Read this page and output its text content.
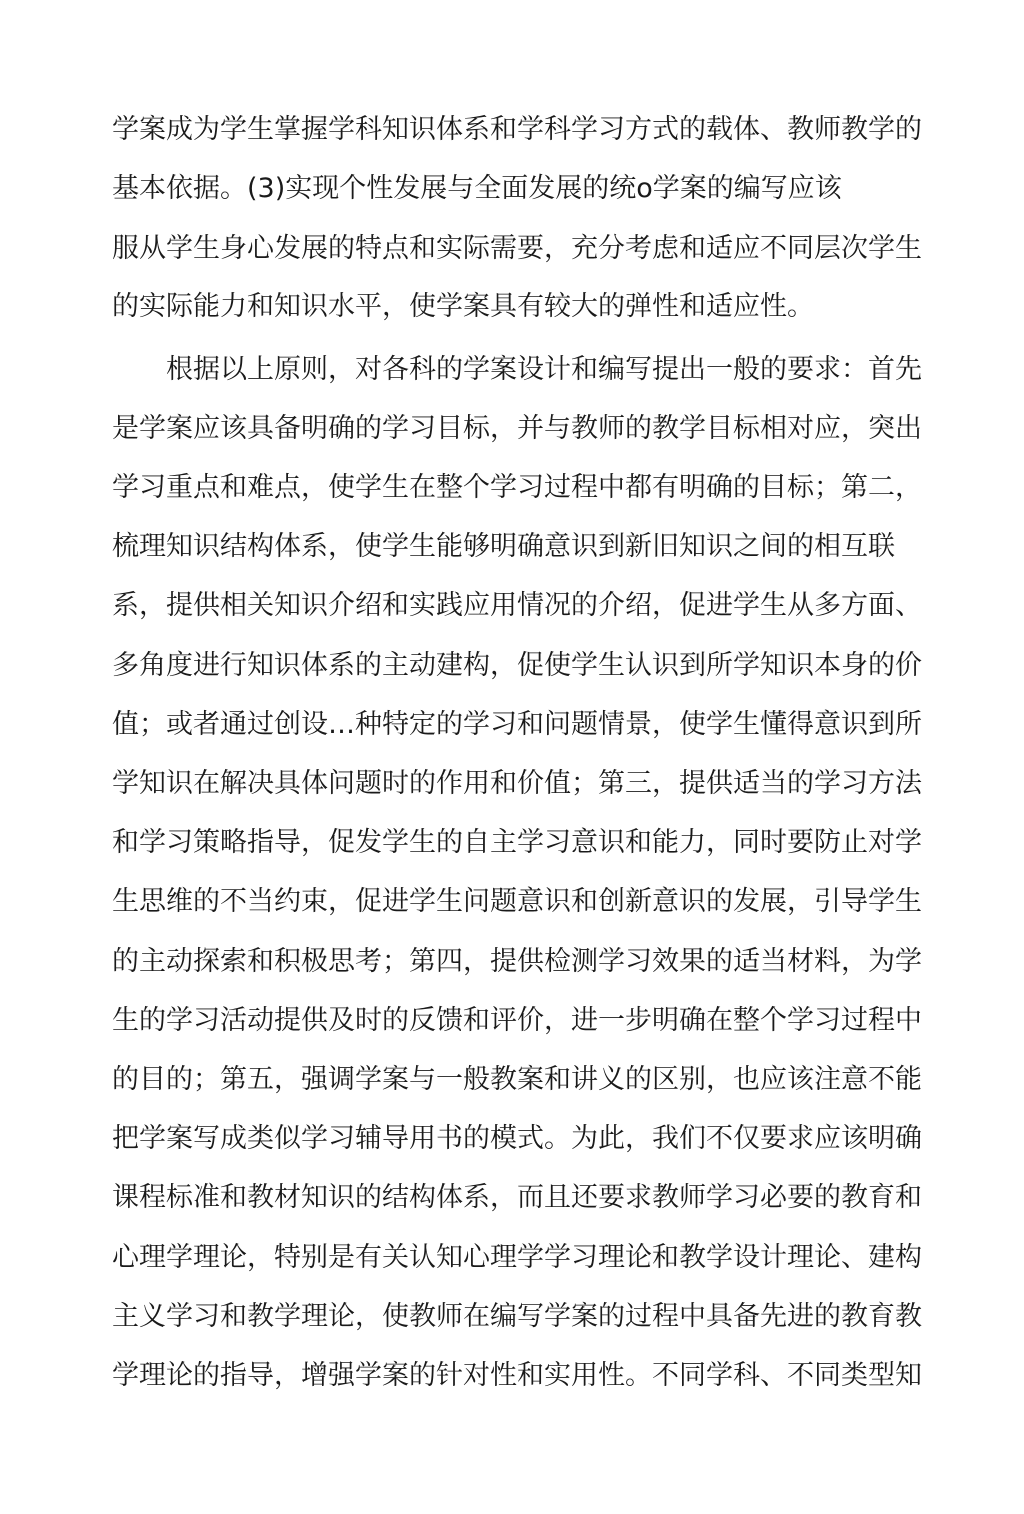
学案成为学生掌握学科知识体系和学科学习方式的载体、教师教学的
基本依据。(3)实现个性发展与全面发展的统o学案的编写应该
服从学生身心发展的特点和实际需要，充分考虑和适应不同层次学生
的实际能力和知识水平，使学案具有较大的弹性和适应性。
根据以上原则，对各科的学案设计和编写提出一般的要求：首先
是学案应该具备明确的学习目标，并与教师的教学目标相对应，突出
学习重点和难点，使学生在整个学习过程中都有明确的目标；第二，
梳理知识结构体系，使学生能够明确意识到新旧知识之间的相互联
系，提供相关知识介绍和实践应用情况的介绍，促进学生从多方面、
多角度进行知识体系的主动建构，促使学生认识到所学知识本身的价
值；或者通过创设…种特定的学习和问题情景，使学生懂得意识到所
学知识在解决具体问题时的作用和价值；第三，提供适当的学习方法
和学习策略指导，促发学生的自主学习意识和能力，同时要防止对学
生思维的不当约束，促进学生问题意识和创新意识的发展，引导学生
的主动探索和积极思考；第四，提供检测学习效果的适当材料，为学
生的学习活动提供及时的反馈和评价，进一步明确在整个学习过程中
的目的；第五，强调学案与一般教案和讲义的区别，也应该注意不能
把学案写成类似学习辅导用书的模式。为此，我们不仅要求应该明确
课程标准和教材知识的结构体系，而且还要求教师学习必要的教育和
心理学理论，特别是有关认知心理学学习理论和教学设计理论、建构
主义学习和教学理论，使教师在编写学案的过程中具备先进的教育教
学理论的指导，增强学案的针对性和实用性。不同学科、不同类型知
